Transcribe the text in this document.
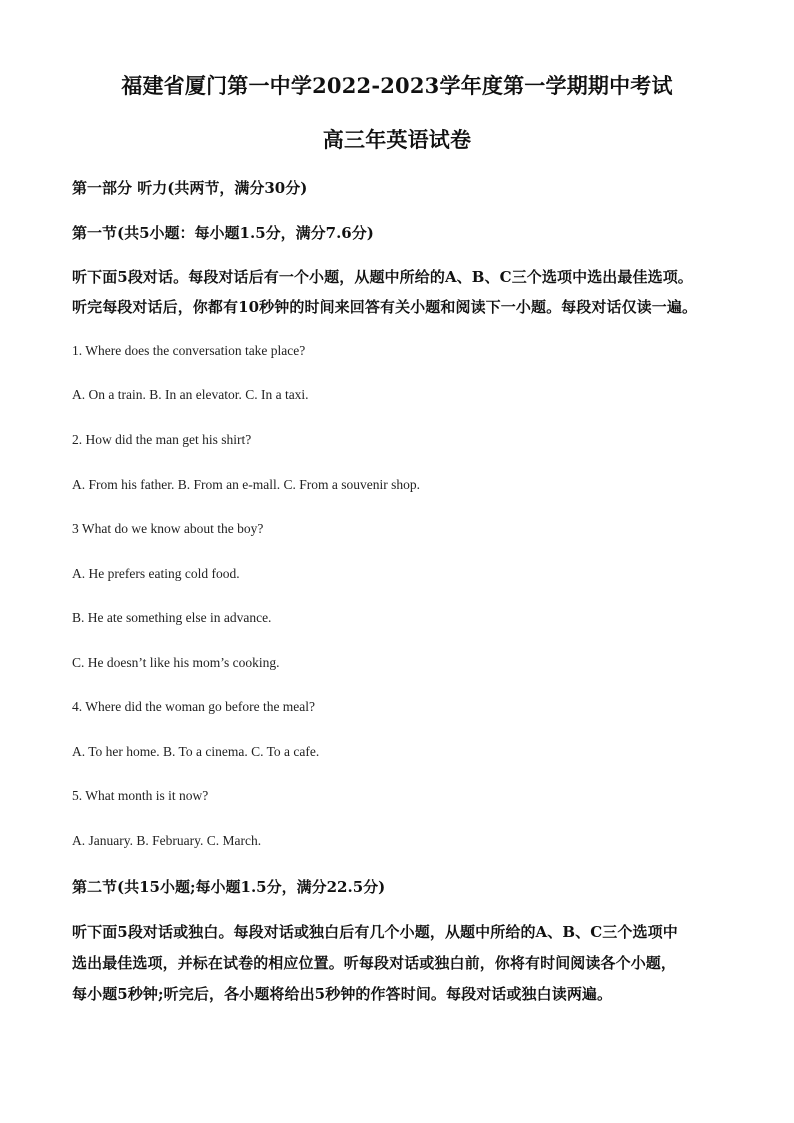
福建省厦门第一中学2022-2023学年度第一学期期中考试
高三年英语试卷
第一部分 听力(共两节，满分30分)
第一节(共5小题：每小题1.5分，满分7.6分)
听下面5段对话。每段对话后有一个小题，从题中所给的A、B、C三个选项中选出最佳选项。
听完每段对话后，你都有10秒钟的时间来回答有关小题和阅读下一小题。每段对话仅读一遍。
1. Where does the conversation take place?
A. On a train. B. In an elevator. C. In a taxi.
2. How did the man get his shirt?
A. From his father. B. From an e-mall. C. From a souvenir shop.
3 What do we know about the boy?
A. He prefers eating cold food.
B. He ate something else in advance.
C. He doesn’t like his mom’s cooking.
4. Where did the woman go before the meal?
A. To her home. B. To a cinema. C. To a cafe.
5. What month is it now?
A. January. B. February. C. March.
第二节(共15小题;每小题1.5分，满分22.5分)
听下面5段对话或独白。每段对话或独白后有几个小题，从题中所给的A、B、C三个选项中
选出最佳选项，并标在试卷的相应位置。听每段对话或独白前，你将有时间阅读各个小题，
每小题5秒钟;听完后，各小题将给出5秒钟的作答时间。每段对话或独白读两遍。
